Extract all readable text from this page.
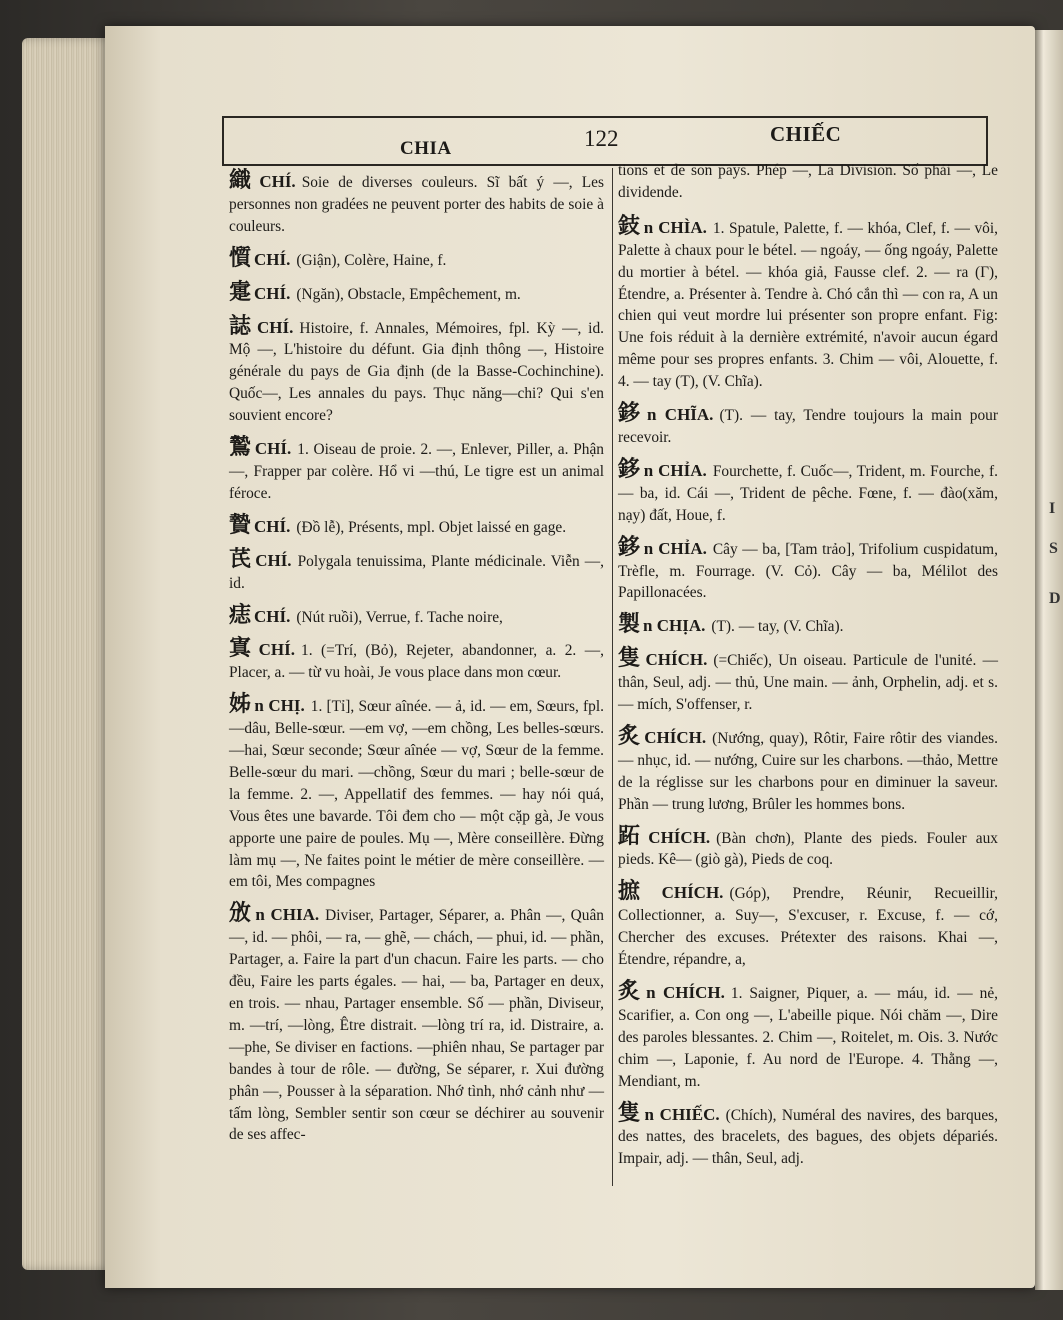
I
S
D
CHIA	122	CHIẾC
織 CHÍ. Soie de diverses couleurs. Sĩ bất ý —, Les personnes non gradées ne peuvent porter des habits de soie à couleurs.
懫 CHÍ. (Giận), Colère, Haine, f.
疐 CHÍ. (Ngăn), Obstacle, Empêchement, m.
誌 CHÍ. Histoire, f. Annales, Mémoires, fpl. Kỳ —, id. Mộ —, L'histoire du défunt. Gia định thông —, Histoire générale du pays de Gia định (de la Basse-Cochinchine). Quốc—, Les annales du pays. Thục năng—chi? Qui s'en souvient encore?
鷙 CHÍ. 1. Oiseau de proie. 2. —, Enlever, Piller, a. Phận —, Frapper par colère. Hổ vi —thú, Le tigre est un animal féroce.
贄 CHÍ. (Đồ lễ), Présents, mpl. Objet laissé en gage.
芪 CHÍ. Polygala tenuissima, Plante médicinale. Viễn —, id.
痣 CHÍ. (Nút ruồi), Verrue, f. Tache noire,
寘 CHÍ. 1. (=Trí, (Bỏ), Rejeter, abandonner, a. 2. —, Placer, a. — từ vu hoài, Je vous place dans mon cœur.
姊 n CHỊ. 1. [Tỉ], Sœur aînée. — ả, id. — em, Sœurs, fpl. —dâu, Belle-sœur. —em vợ, —em chồng, Les belles-sœurs. —hai, Sœur seconde; Sœur aînée — vợ, Sœur de la femme. Belle-sœur du mari. —chồng, Sœur du mari ; belle-sœur de la femme. 2. —, Appellatif des femmes. — hay nói quá, Vous êtes une bavarde. Tôi đem cho — một cặp gà, Je vous apporte une paire de poules. Mụ —, Mère conseillère. Đừng làm mụ —, Ne faites point le métier de mère conseillère. — em tôi, Mes compagnes
攽 n CHIA. Diviser, Partager, Séparer, a. Phân —, Quân —, id. — phôi, — ra, — ghẽ, — chách, — phui, id. — phần, Partager, a. Faire la part d'un chacun. Faire les parts. — cho đều, Faire les parts égales. — hai, — ba, Partager en deux, en trois. — nhau, Partager ensemble. Số — phần, Diviseur, m. —trí, —lòng, Être distrait. —lòng trí ra, id. Distraire, a. —phe, Se diviser en factions. —phiên nhau, Se partager par bandes à tour de rôle. — đường, Se séparer, r. Xui đường phân —, Pousser à la séparation. Nhớ tình, nhớ cảnh như —tấm lòng, Sembler sentir son cœur se déchirer au souvenir de ses affec-
tions et de son pays. Phép —, La Division. Số phải —, Le dividende.
鈘 n CHÌA. 1. Spatule, Palette, f. — khóa, Clef, f. — vôi, Palette à chaux pour le bétel. — ngoáy, — ống ngoáy, Palette du mortier à bétel. — khóa giả, Fausse clef. 2. — ra (Γ), Étendre, a. Présenter à. Tendre à. Chó cắn thì — con ra, A un chien qui veut mordre lui présenter son propre enfant. Fig: Une fois réduit à la dernière extrémité, n'avoir aucun égard même pour ses propres enfants. 3. Chim — vôi, Alouette, f. 4. — tay (T), (V. Chĩa).
鉹 n CHĨA. (T). — tay, Tendre toujours la main pour recevoir.
鉹 n CHỈA. Fourchette, f. Cuốc—, Trident, m. Fourche, f. — ba, id. Cái —, Trident de pêche. Fœne, f. — đào(xăm, nạy) đất, Houe, f.
鉹 n CHỈA. Cây — ba, [Tam trảo], Trifolium cuspidatum, Trèfle, m. Fourrage. (V. Cỏ). Cây — ba, Mélilot des Papillonacées.
製 n CHỊA. (T). — tay, (V. Chĩa).
隻 CHÍCH. (=Chiếc), Un oiseau. Particule de l'unité. — thân, Seul, adj. — thủ, Une main. — ảnh, Orphelin, adj. et s. — mích, S'offenser, r.
炙 CHÍCH. (Nướng, quay), Rôtir, Faire rôtir des viandes. — nhục, id. — nướng, Cuire sur les charbons. —thảo, Mettre de la réglisse sur les charbons pour en diminuer la saveur. Phần — trung lương, Brûler les hommes bons.
跖 CHÍCH. (Bàn chơn), Plante des pieds. Fouler aux pieds. Kê— (giò gà), Pieds de coq.
摭 CHÍCH. (Góp), Prendre, Réunir, Recueillir, Collectionner, a. Suy—, S'excuser, r. Excuse, f. — cớ, Chercher des excuses. Prétexter des raisons. Khai —, Étendre, répandre, a,
炙 n CHÍCH. 1. Saigner, Piquer, a. — máu, id. — nẻ, Scarifier, a. Con ong —, L'abeille pique. Nói chăm —, Dire des paroles blessantes. 2. Chim —, Roitelet, m. Ois. 3. Nước chim —, Laponie, f. Au nord de l'Europe. 4. Thằng —, Mendiant, m.
隻 n CHIẾC. (Chích), Numéral des navires, des barques, des nattes, des bracelets, des bagues, des objets dépariés. Impair, adj. — thân, Seul, adj.
